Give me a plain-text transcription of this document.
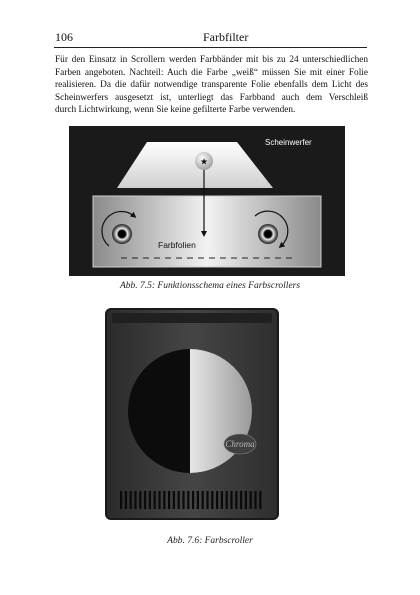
106	Farbfilter
Für den Einsatz in Scrollern werden Farbbänder mit bis zu 24 unterschiedlichen
Farben angeboten. Nachteil: Auch die Farbe „weiß“ müssen Sie mit einer Folie
realisieren. Da die dafür notwendige transparente Folie ebenfalls dem Licht des
Scheinwerfers ausgesetzt ist, unterliegt das Farbband auch dem Verschleiß
durch Lichtwirkung, wenn Sie keine gefilterte Farbe verwenden.
★
Scheinwerfer
Farbfolien
Abb. 7.5: Funktionsschema eines Farbscrollers
Chroma
Abb. 7.6: Farbscroller
